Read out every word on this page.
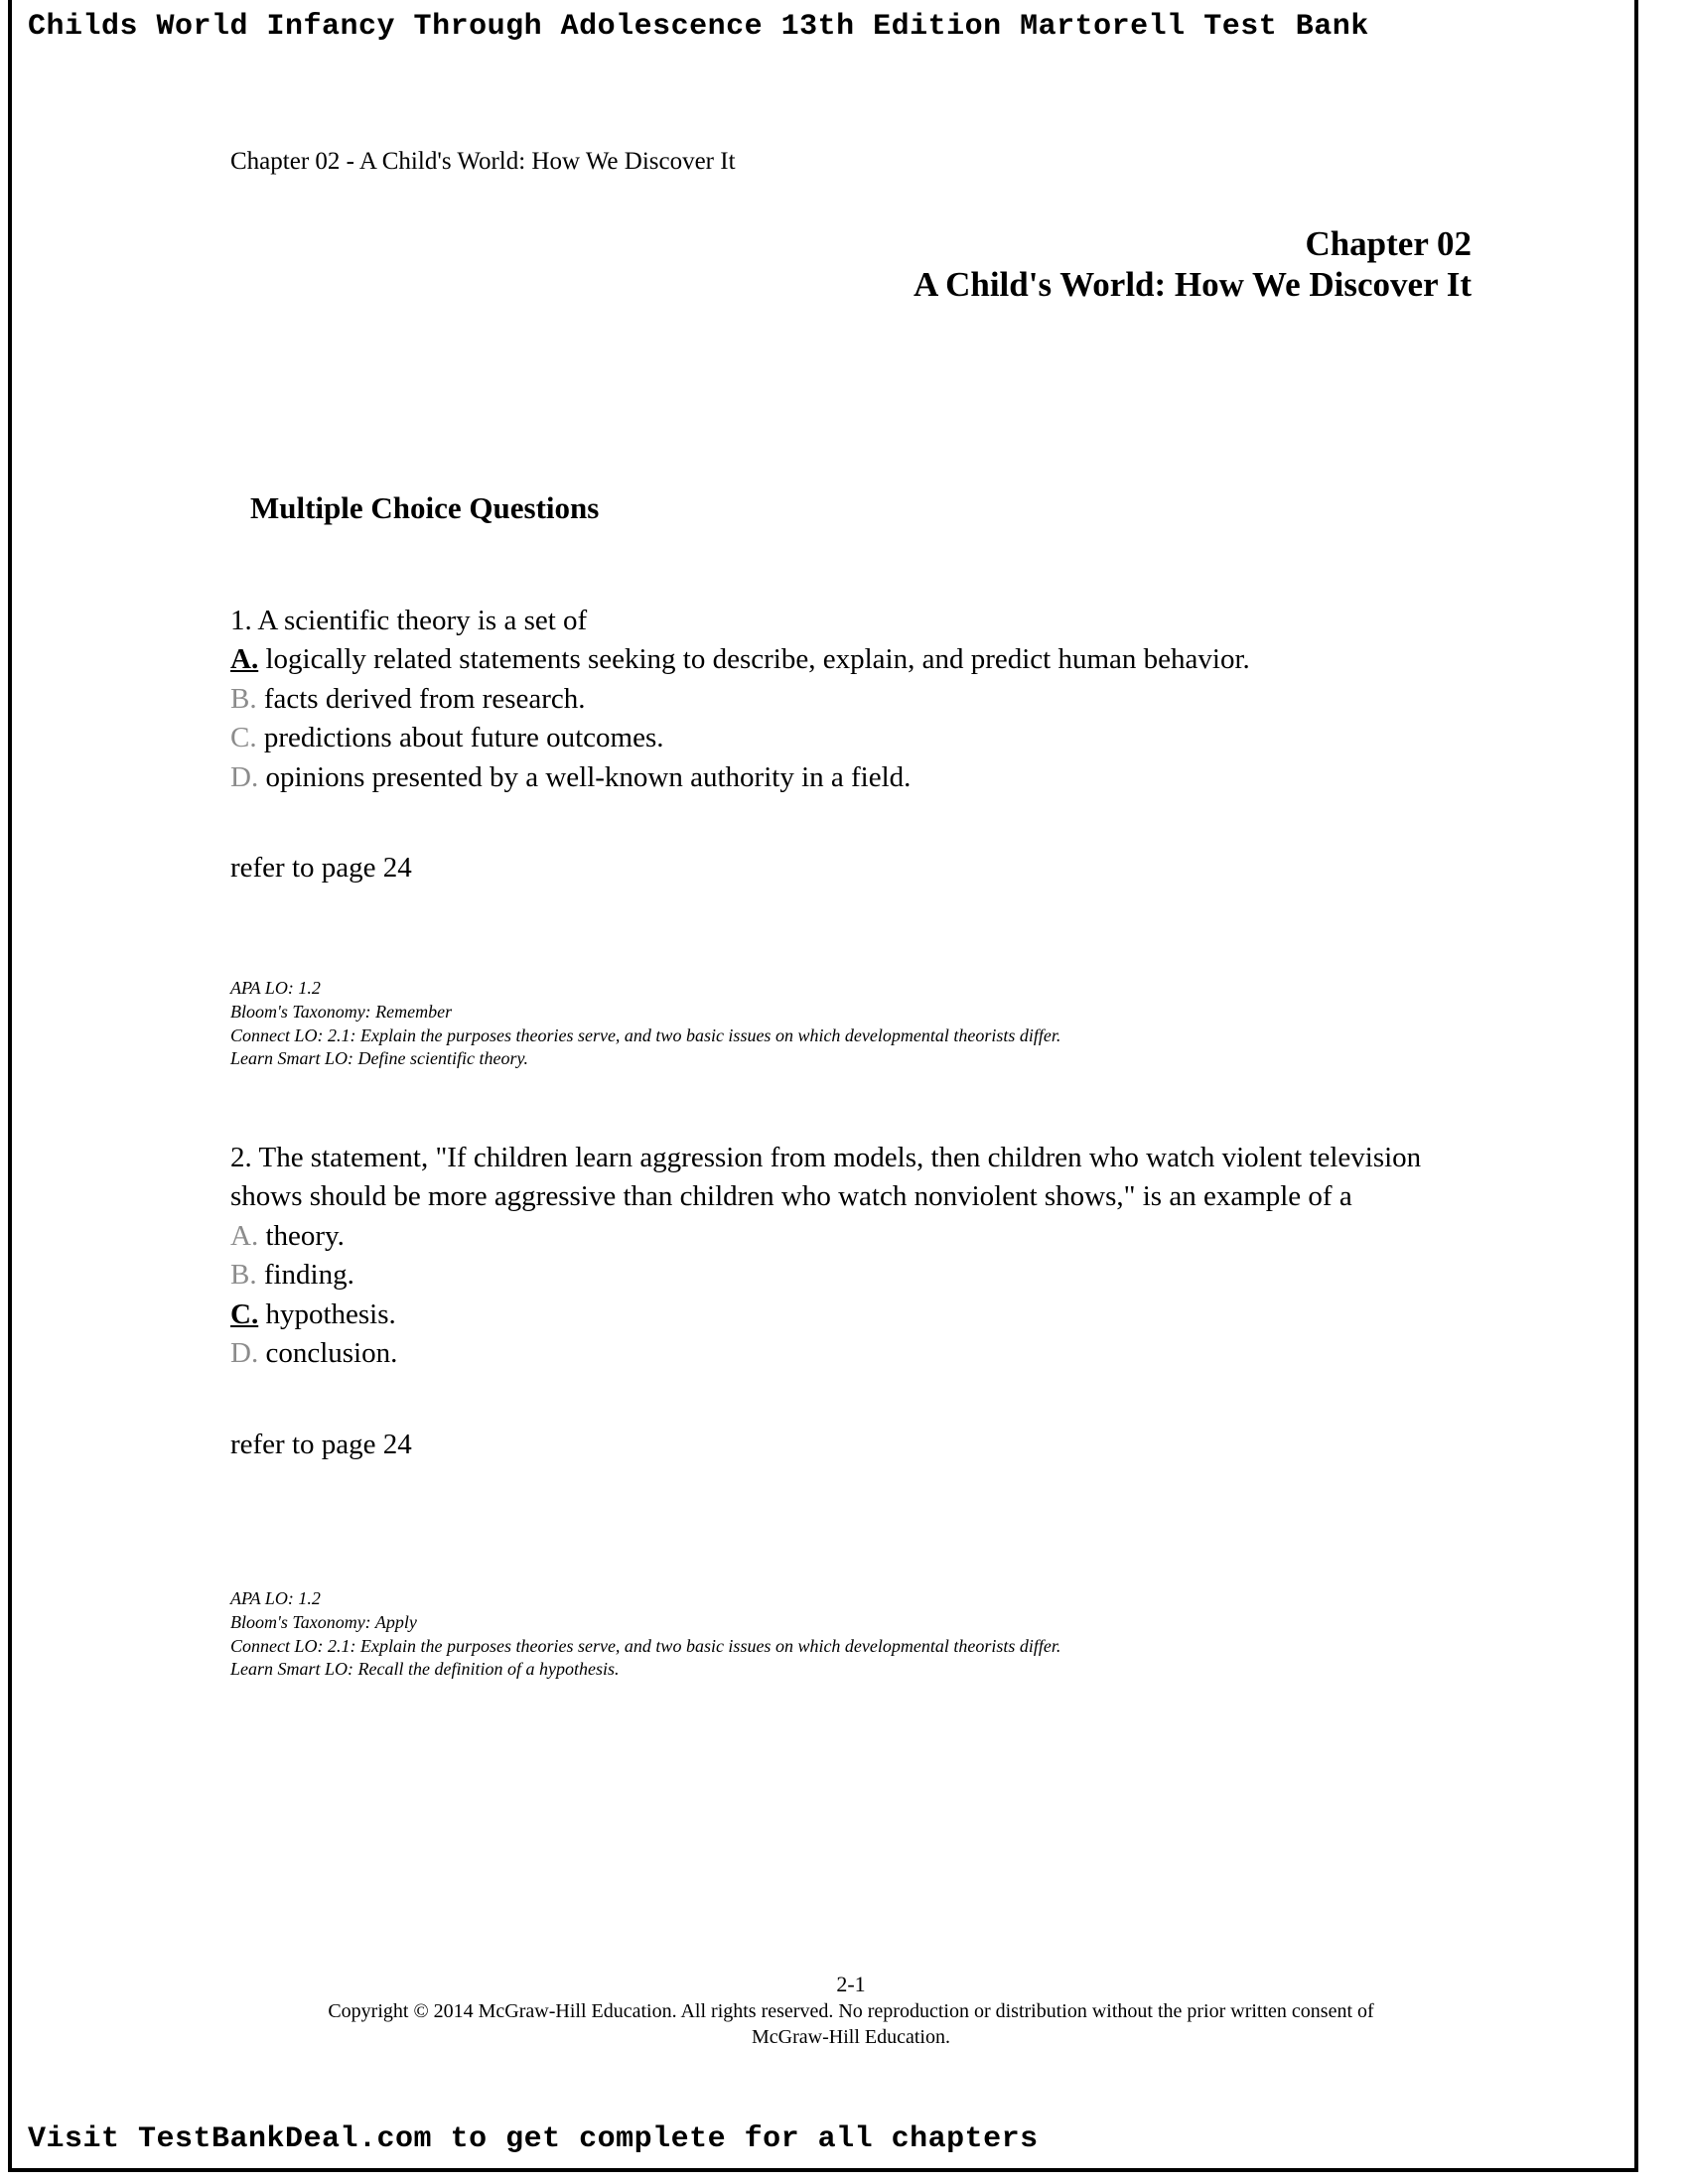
Childs World Infancy Through Adolescence 13th Edition Martorell Test Bank
Chapter 02 - A Child's World: How We Discover It
Chapter 02
A Child's World: How We Discover It
Multiple Choice Questions

1. A scientific theory is a set of

A. logically related statements seeking to describe, explain, and predict human behavior.
B. facts derived from research.
C. predictions about future outcomes.
D. opinions presented by a well-known authority in a field.

refer to page 24

APA LO: 1.2
Bloom's Taxonomy: Remember
Connect LO: 2.1: Explain the purposes theories serve, and two basic issues on which developmental theorists differ.
Learn Smart LO: Define scientific theory.

2. The statement, "If children learn aggression from models, then children who watch violent television shows should be more aggressive than children who watch nonviolent shows," is an example of a

A. theory.
B. finding.
C. hypothesis.
D. conclusion.

refer to page 24

APA LO: 1.2
Bloom's Taxonomy: Apply
Connect LO: 2.1: Explain the purposes theories serve, and two basic issues on which developmental theorists differ.
Learn Smart LO: Recall the definition of a hypothesis.
2-1
Copyright © 2014 McGraw-Hill Education. All rights reserved. No reproduction or distribution without the prior written consent of
McGraw-Hill Education.
Visit TestBankDeal.com to get complete for all chapters
